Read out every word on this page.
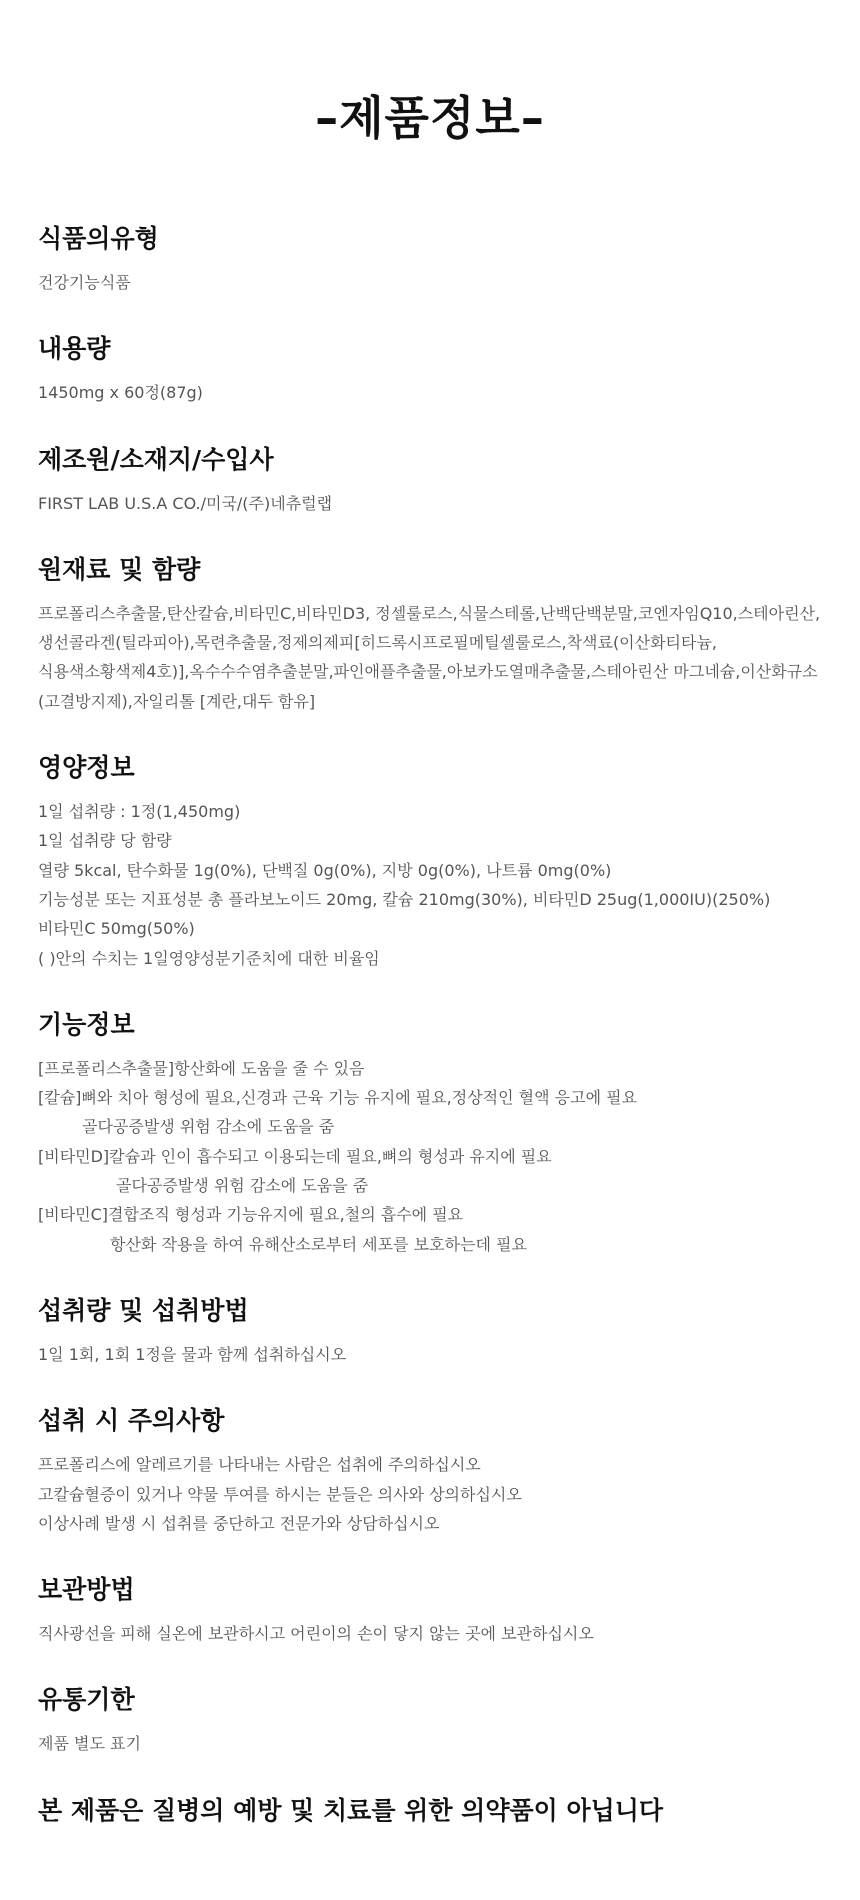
–제품정보–
식품의유형
건강기능식품
내용량
1450mg x 60정(87g)
제조원/소재지/수입사
FIRST LAB U.S.A CO./미국/(주)네츄럴랩
원재료 및 함량
프로폴리스추출물,탄산칼슘,비타민C,비타민D3, 정셀룰로스,식물스테롤,난백단백분말,코엔자임Q10,스테아린산,생선콜라겐(틸라피아),목련추출물,정제의제피[히드록시프로필메틸셀룰로스,착색료(이산화티타늄, 식용색소황색제4호)],옥수수수염추출분말,파인애플추출물,아보카도열매추출물,스테아린산 마그네슘,이산화규소(고결방지제),자일리톨 [계란,대두 함유]
영양정보
1일 섭취량 : 1정(1,450mg)
1일 섭취량 당 함량
열량 5kcal, 탄수화물 1g(0%), 단백질 0g(0%), 지방 0g(0%), 나트륨 0mg(0%)
기능성분 또는 지표성분 총 플라보노이드 20mg, 칼슘 210mg(30%), 비타민D 25ug(1,000IU)(250%)
비타민C 50mg(50%)
( )안의 수치는 1일영양성분기준치에 대한 비율임
기능정보
[프로폴리스추출물]항산화에 도움을 줄 수 있음
[칼슘]뼈와 치아 형성에 필요,신경과 근육 기능 유지에 필요,정상적인 혈액 응고에 필요
골다공증발생 위험 감소에 도움을 줌
[비타민D]칼슘과 인이 흡수되고 이용되는데 필요,뼈의 형성과 유지에 필요
골다공증발생 위험 감소에 도움을 줌
[비타민C]결합조직 형성과 기능유지에 필요,철의 흡수에 필요
항산화 작용을 하여 유해산소로부터 세포를 보호하는데 필요
섭취량 및 섭취방법
1일 1회, 1회 1정을 물과 함께 섭취하십시오
섭취 시 주의사항
프로폴리스에 알레르기를 나타내는 사람은 섭취에 주의하십시오
고칼슘혈증이 있거나 약물 투여를 하시는 분들은 의사와 상의하십시오
이상사례 발생 시 섭취를 중단하고 전문가와 상담하십시오
보관방법
직사광선을 피해 실온에 보관하시고 어린이의 손이 닿지 않는 곳에 보관하십시오
유통기한
제품 별도 표기
본 제품은 질병의 예방 및 치료를 위한 의약품이 아닙니다
